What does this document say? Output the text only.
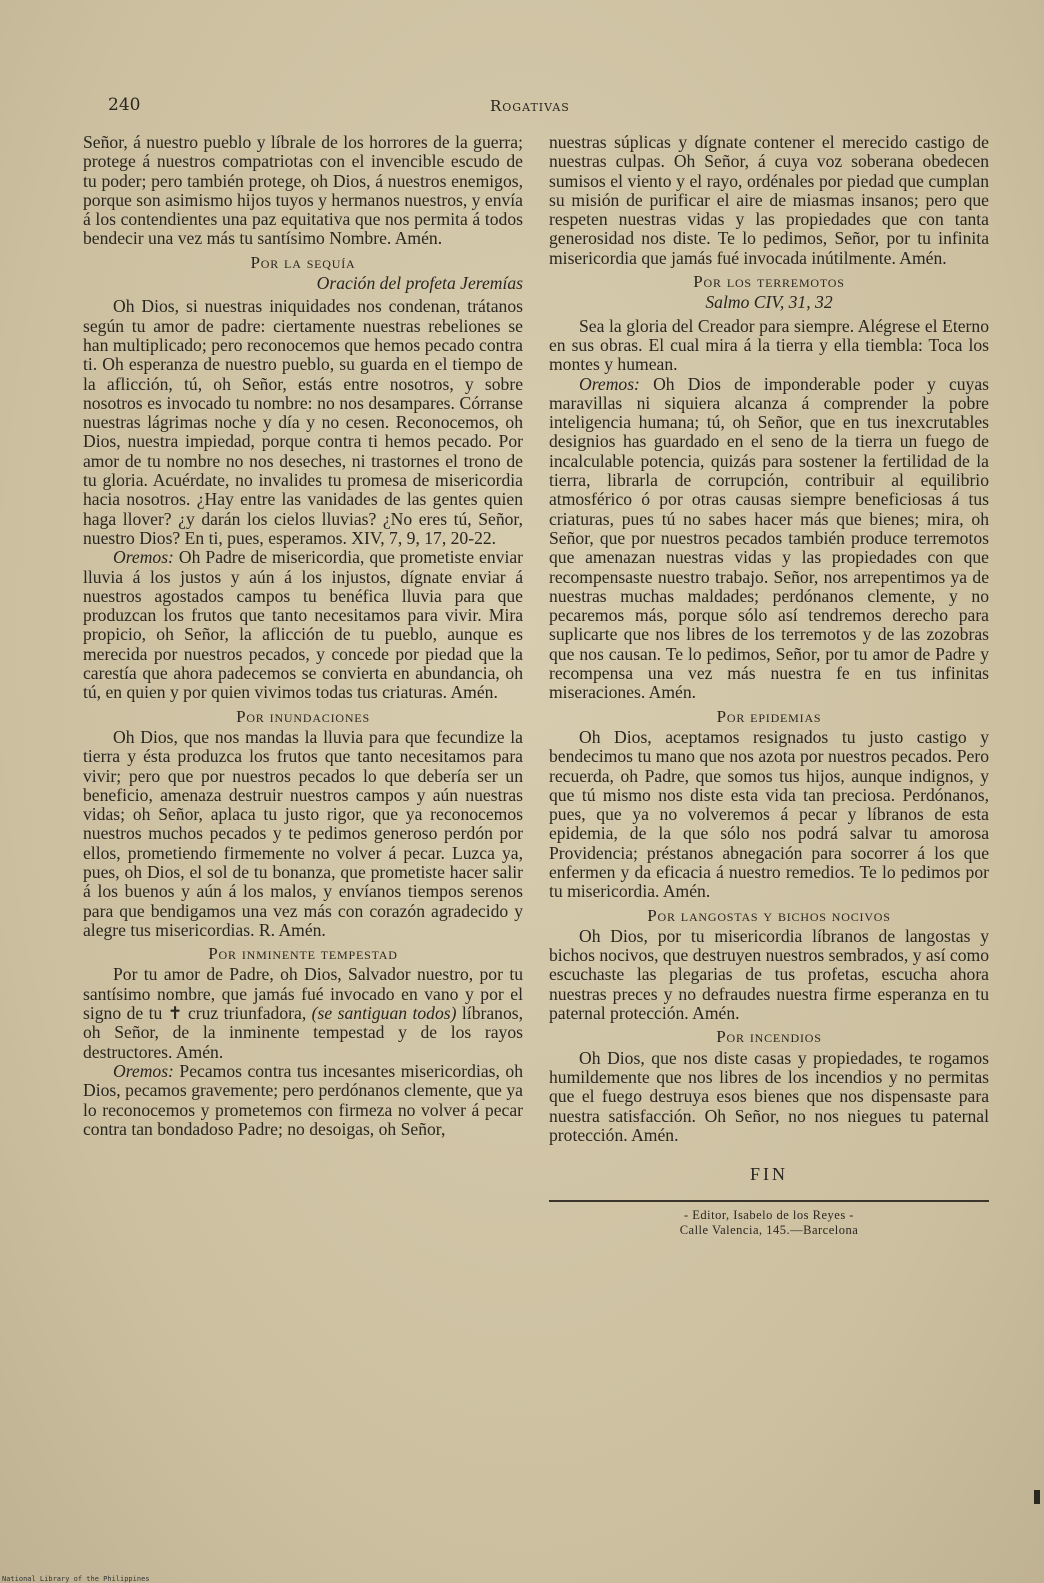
240	Rogativas

Señor, á nuestro pueblo y líbrale de los horrores de la guerra; protege á nuestros compatriotas con el invencible escudo de tu poder; pero también protege, oh Dios, á nuestros enemigos, porque son asimismo hijos tuyos y hermanos nuestros, y envía á los contendientes una paz equitativa que nos permita á todos bendecir una vez más tu santísimo Nombre. Amén.

Por la sequía
Oración del profeta Jeremías

Oh Dios, si nuestras iniquidades nos condenan, trátanos según tu amor de padre: ciertamente nuestras rebeliones se han multiplicado; pero reconocemos que hemos pecado contra ti. Oh esperanza de nuestro pueblo, su guarda en el tiempo de la aflicción, tú, oh Señor, estás entre nosotros, y sobre nosotros es invocado tu nombre: no nos desampares. Córranse nuestras lágrimas noche y día y no cesen. Reconocemos, oh Dios, nuestra impiedad, porque contra ti hemos pecado. Por amor de tu nombre no nos deseches, ni trastornes el trono de tu gloria. Acuérdate, no invalides tu promesa de misericordia hacia nosotros. ¿Hay entre las vanidades de las gentes quien haga llover? ¿y darán los cielos lluvias? ¿No eres tú, Señor, nuestro Dios? En ti, pues, esperamos. XIV, 7, 9, 17, 20-22.

Oremos: Oh Padre de misericordia, que prometiste enviar lluvia á los justos y aún á los injustos, dígnate enviar á nuestros agostados campos tu benéfica lluvia para que produzcan los frutos que tanto necesitamos para vivir. Mira propicio, oh Señor, la aflicción de tu pueblo, aunque es merecida por nuestros pecados, y concede por piedad que la carestía que ahora padecemos se convierta en abundancia, oh tú, en quien y por quien vivimos todas tus criaturas. Amén.

Por inundaciones

Oh Dios, que nos mandas la lluvia para que fecundize la tierra y ésta produzca los frutos que tanto necesitamos para vivir; pero que por nuestros pecados lo que debería ser un beneficio, amenaza destruir nuestros campos y aún nuestras vidas; oh Señor, aplaca tu justo rigor, que ya reconocemos nuestros muchos pecados y te pedimos generoso perdón por ellos, prometiendo firmemente no volver á pecar. Luzca ya, pues, oh Dios, el sol de tu bonanza, que prometiste hacer salir á los buenos y aún á los malos, y envíanos tiempos serenos para que bendigamos una vez más con corazón agradecido y alegre tus misericordias. R. Amén.

Por inminente tempestad

Por tu amor de Padre, oh Dios, Salvador nuestro, por tu santísimo nombre, que jamás fué invocado en vano y por el signo de tu ✝ cruz triunfadora, (se santiguan todos) líbranos, oh Señor, de la inminente tempestad y de los rayos destructores. Amén.

Oremos: Pecamos contra tus incesantes misericordias, oh Dios, pecamos gravemente; pero perdónanos clemente, que ya lo reconocemos y prometemos con firmeza no volver á pecar contra tan bondadoso Padre; no desoigas, oh Señor,

nuestras súplicas y dígnate contener el merecido castigo de nuestras culpas. Oh Señor, á cuya voz soberana obedecen sumisos el viento y el rayo, ordénales por piedad que cumplan su misión de purificar el aire de miasmas insanos; pero que respeten nuestras vidas y las propiedades que con tanta generosidad nos diste. Te lo pedimos, Señor, por tu infinita misericordia que jamás fué invocada inútilmente. Amén.

Por los terremotos
Salmo CIV, 31, 32

Sea la gloria del Creador para siempre. Alégrese el Eterno en sus obras. El cual mira á la tierra y ella tiembla: Toca los montes y humean.

Oremos: Oh Dios de imponderable poder y cuyas maravillas ni siquiera alcanza á comprender la pobre inteligencia humana; tú, oh Señor, que en tus inexcrutables designios has guardado en el seno de la tierra un fuego de incalculable potencia, quizás para sostener la fertilidad de la tierra, librarla de corrupción, contribuir al equilibrio atmosférico ó por otras causas siempre beneficiosas á tus criaturas, pues tú no sabes hacer más que bienes; mira, oh Señor, que por nuestros pecados también produce terremotos que amenazan nuestras vidas y las propiedades con que recompensaste nuestro trabajo. Señor, nos arrepentimos ya de nuestras muchas maldades; perdónanos clemente, y no pecaremos más, porque sólo así tendremos derecho para suplicarte que nos libres de los terremotos y de las zozobras que nos causan. Te lo pedimos, Señor, por tu amor de Padre y recompensa una vez más nuestra fe en tus infinitas miseraciones. Amén.

Por epidemias

Oh Dios, aceptamos resignados tu justo castigo y bendecimos tu mano que nos azota por nuestros pecados. Pero recuerda, oh Padre, que somos tus hijos, aunque indignos, y que tú mismo nos diste esta vida tan preciosa. Perdónanos, pues, que ya no volveremos á pecar y líbranos de esta epidemia, de la que sólo nos podrá salvar tu amorosa Providencia; préstanos abnegación para socorrer á los que enfermen y da eficacia á nuestro remedios. Te lo pedimos por tu misericordia. Amén.

Por langostas y bichos nocivos

Oh Dios, por tu misericordia líbranos de langostas y bichos nocivos, que destruyen nuestros sembrados, y así como escuchaste las plegarias de tus profetas, escucha ahora nuestras preces y no defraudes nuestra firme esperanza en tu paternal protección. Amén.

Por incendios

Oh Dios, que nos diste casas y propiedades, te rogamos humildemente que nos libres de los incendios y no permitas que el fuego destruya esos bienes que nos dispensaste para nuestra satisfacción. Oh Señor, no nos niegues tu paternal protección. Amén.

FIN
- Editor, Isabelo de los Reyes -
Calle Valencia, 145.—Barcelona
National Library of the Philippines
